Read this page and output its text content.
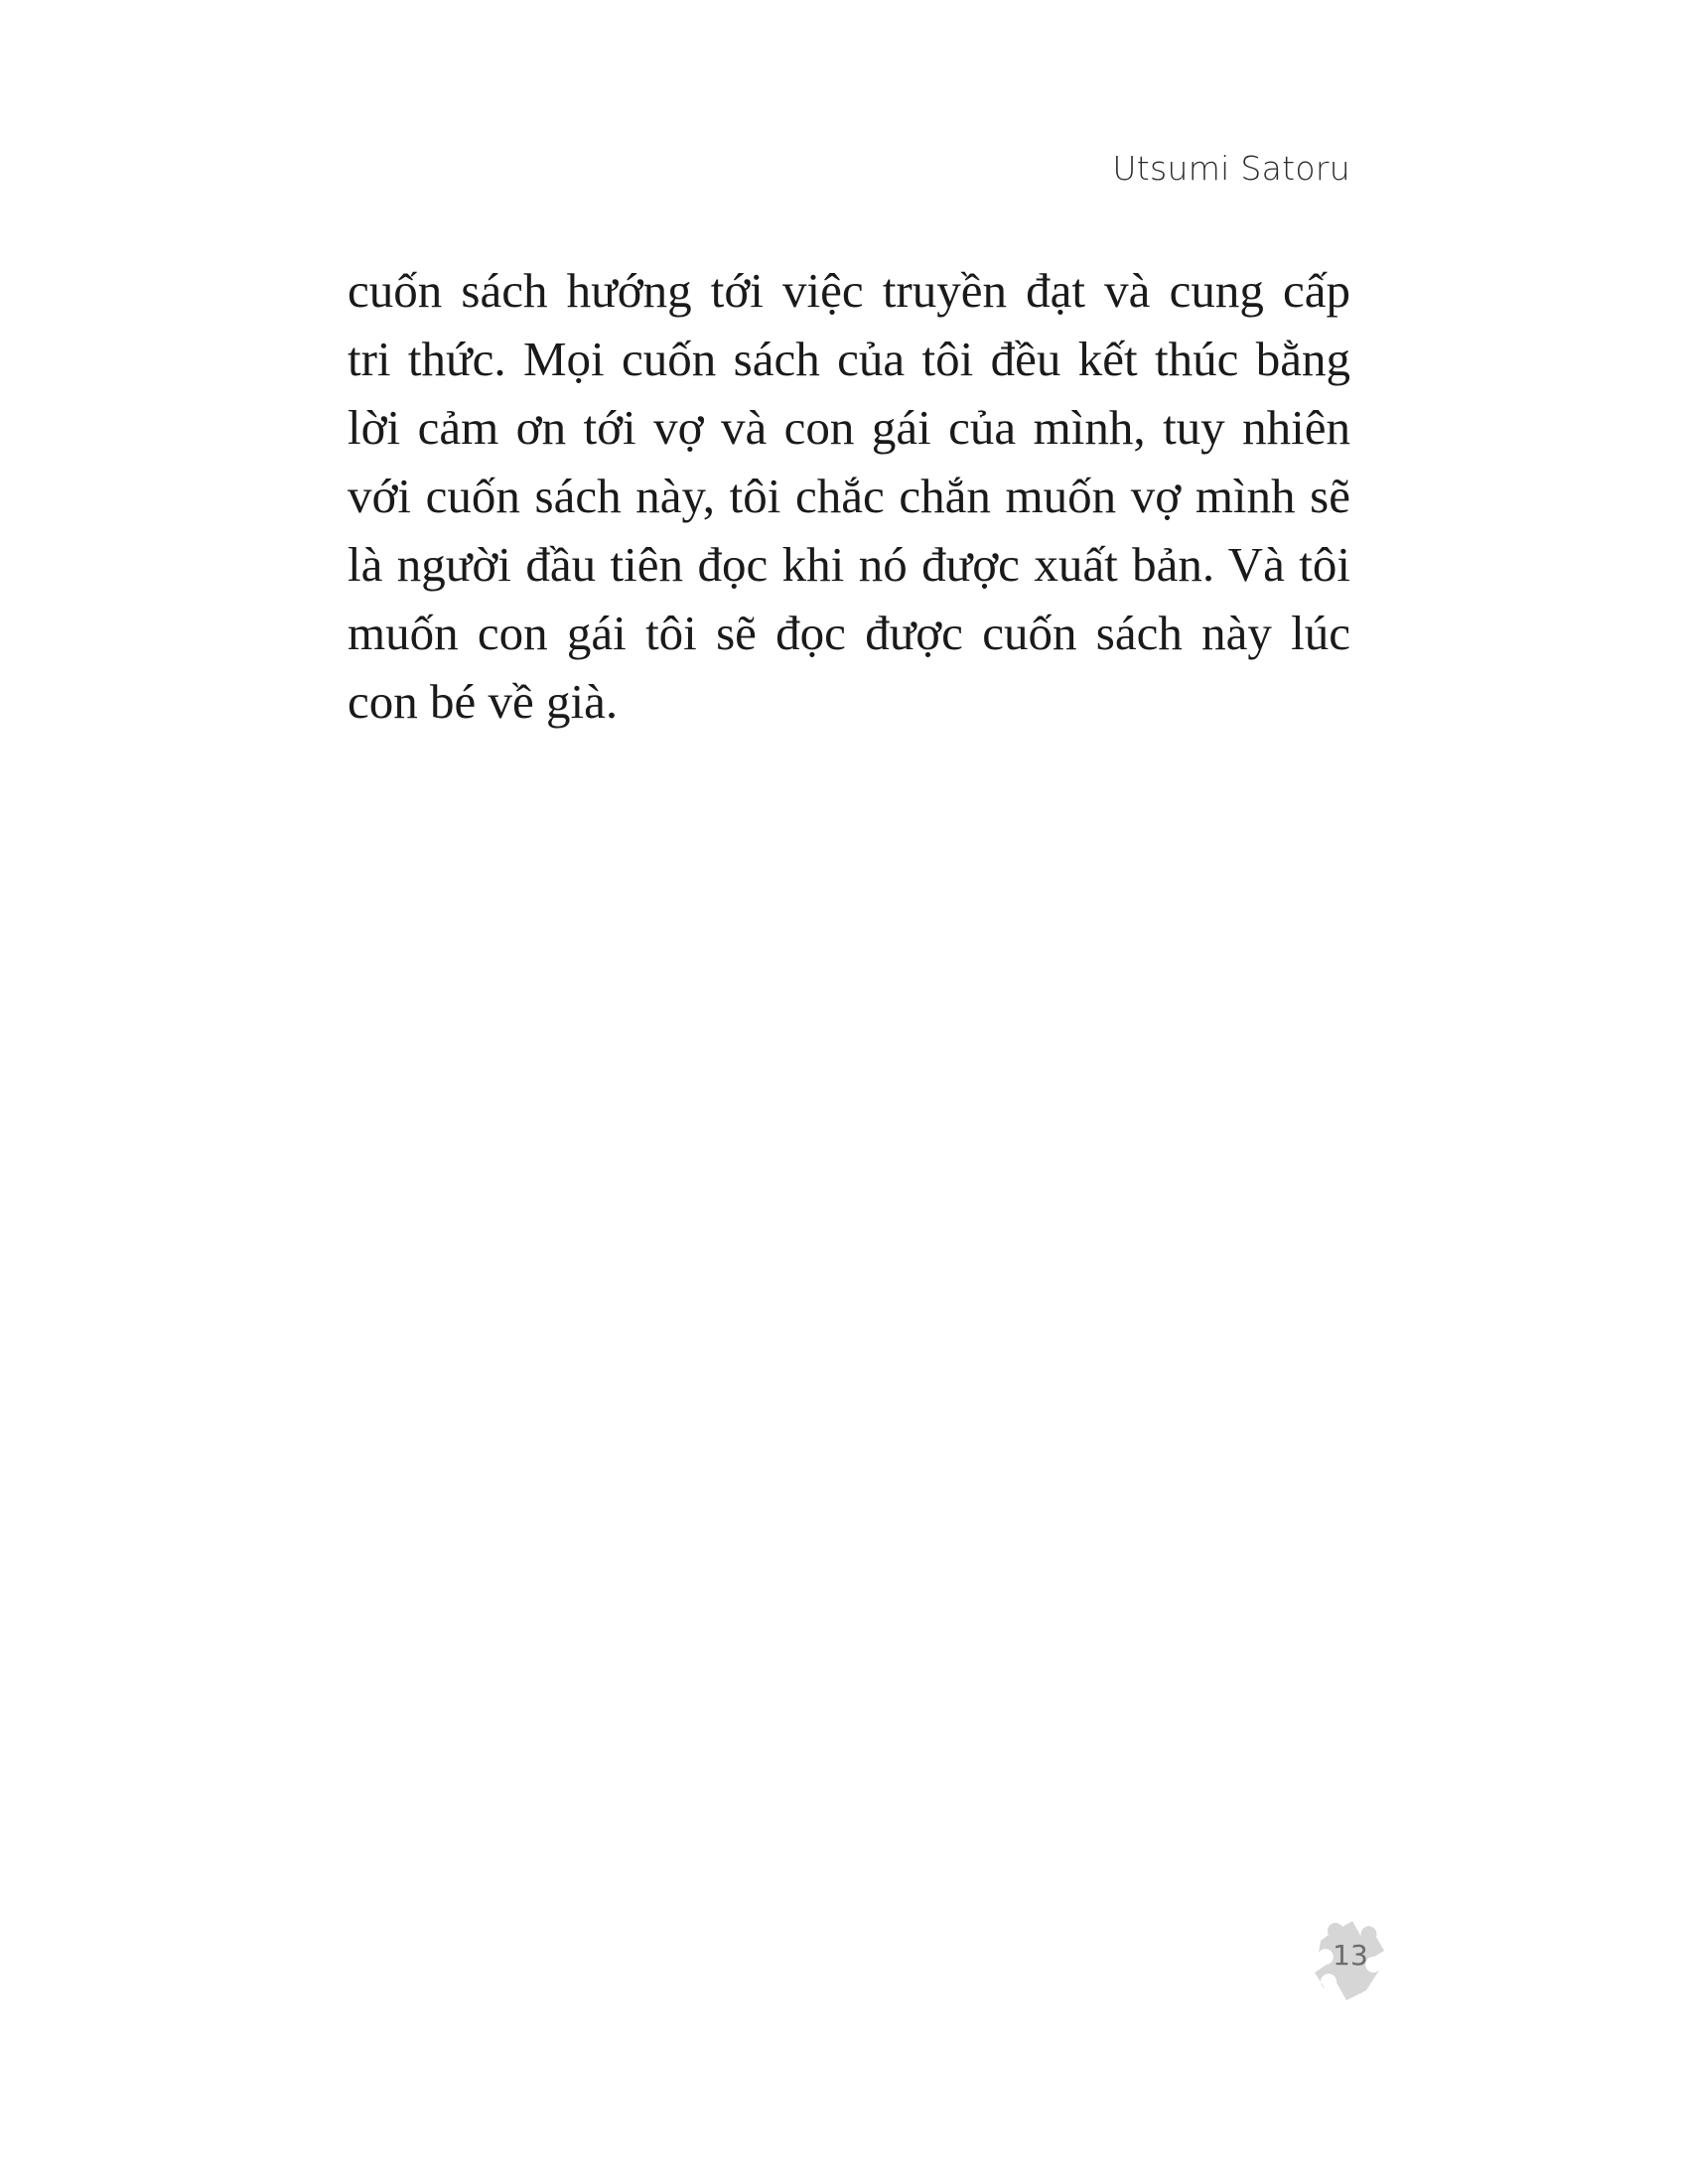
Utsumi Satoru
cuốn sách hướng tới việc truyền đạt và cung cấp
tri thức. Mọi cuốn sách của tôi đều kết thúc bằng
lời cảm ơn tới vợ và con gái của mình, tuy nhiên
với cuốn sách này, tôi chắc chắn muốn vợ mình sẽ
là người đầu tiên đọc khi nó được xuất bản. Và tôi
muốn con gái tôi sẽ đọc được cuốn sách này lúc
con bé về già.
13
